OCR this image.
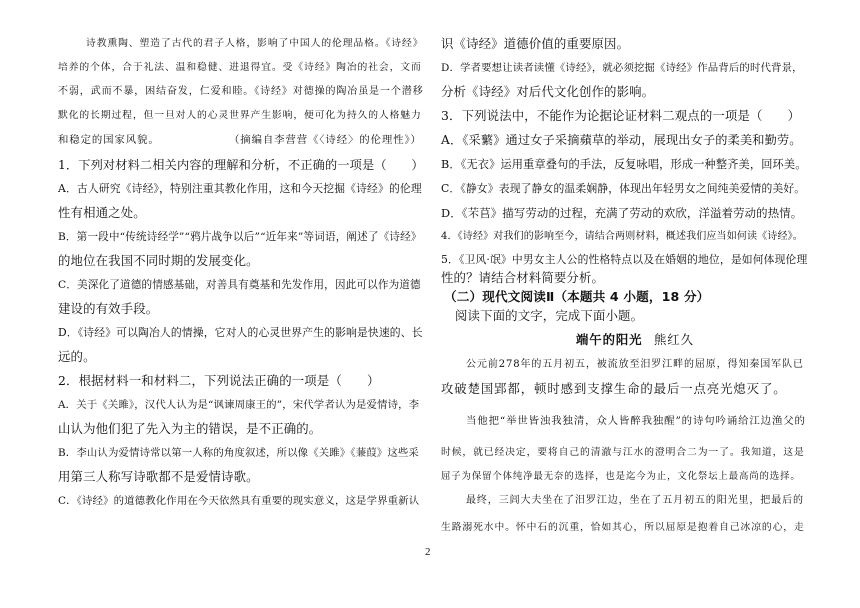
诗教熏陶、塑造了古代的君子人格，影响了中国人的伦理品格。《诗经》
培养的个体，合于礼法、温和稳健、进退得宜。受《诗经》陶冶的社会，文而
不弱，武而不暴，困结奋发，仁爱和睦。《诗经》对德操的陶冶虽是一个潜移
默化的长期过程，但一旦对人的心灵世界产生影响，便可化为持久的人格魅力
和稳定的国家风貌。	（摘编自李营营《〈诗经〉的伦理性》）
1．下列对材料二相关内容的理解和分析，不正确的一项是（　　）
A．古人研究《诗经》，特别注重其教化作用，这和今天挖掘《诗经》的伦理
性有相通之处。
B．第一段中“传统诗经学”“鸦片战争以后”“近年来”等词语，阐述了《诗经》
的地位在我国不同时期的发展变化。
C．美深化了道德的情感基础，对善具有奠基和先发作用，因此可以作为道德
建设的有效手段。
D．《诗经》可以陶冶人的情操，它对人的心灵世界产生的影响是快速的、长
远的。
2．根据材料一和材料二，下列说法正确的一项是（　　）
A．关于《关雎》，汉代人认为是“讽谏周康王的”，宋代学者认为是爱情诗，李
山认为他们犯了先入为主的错误，是不正确的。
B．李山认为爱情诗常以第一人称的角度叙述，所以像《关雎》《蒹葭》这些采
用第三人称写诗歌都不是爱情诗歌。
C．《诗经》的道德教化作用在今天依然具有重要的现实意义，这是学界重新认
识《诗经》道德价值的重要原因。
D．学者要想让读者读懂《诗经》，就必须挖掘《诗经》作品背后的时代背景，
分析《诗经》对后代文化创作的影响。
3．下列说法中，不能作为论据论证材料二观点的一项是（　　）
A．《采蘩》通过女子采摘蘋草的举动，展现出女子的柔美和勤劳。
B．《无衣》运用重章叠句的手法，反复咏唱，形成一种整齐美，回环美。
C．《静女》表现了静女的温柔娴静，体现出年轻男女之间纯美爱情的美好。
D．《芣苢》描写劳动的过程，充满了劳动的欢欣，洋溢着劳动的热情。
4．《诗经》对我们的影响至今，请结合两则材料，概述我们应当如何读《诗经》。
5．《卫风·氓》中男女主人公的性格特点以及在婚姻的地位，是如何体现伦理
性的？请结合材料简要分析。
（二）现代文阅读Ⅱ（本题共 4 小题，18 分）
阅读下面的文字，完成下面小题。
端午的阳光 熊红久
公元前278年的五月初五，被流放至汨罗江畔的屈原，得知秦国军队已
攻破楚国郢都，顿时感到支撑生命的最后一点亮光熄灭了。
当他把“举世皆浊我独清，众人皆醉我独醒”的诗句吟诵给江边渔父的
时候，就已经决定，要将自己的清澈与江水的澄明合二为一了。我知道，这是
屈子为保留个体纯净最无奈的选择，也是迄今为止，文化祭坛上最高尚的选择。
最终，三闾大夫坐在了汨罗江边，坐在了五月初五的阳光里，把最后的
生路溺死水中。怀中石的沉重，恰如其心，所以屈原是抱着自己冰凉的心，走
2
